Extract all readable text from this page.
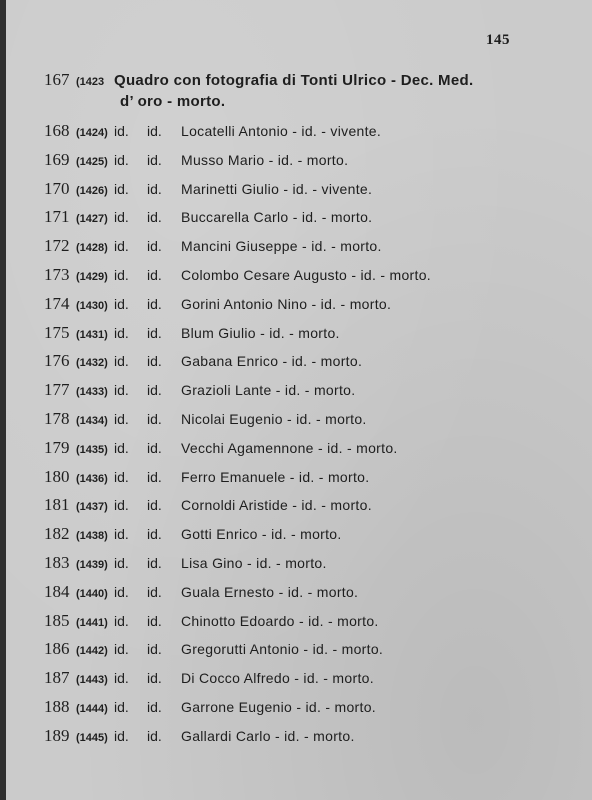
145
167 (1423 Quadro con fotografia di Tonti Ulrico - Dec. Med.
d’ oro - morto.
168 (1424) id.	id.	Locatelli Antonio - id. - vivente.
169 (1425) id.	id.	Musso Mario - id. - morto.
170 (1426) id.	id.	Marinetti Giulio - id. - vivente.
171 (1427) id.	id.	Buccarella Carlo - id. - morto.
172 (1428) id.	id.	Mancini Giuseppe - id. - morto.
173 (1429) id.	id.	Colombo Cesare Augusto - id. - morto.
174 (1430) id.	id.	Gorini Antonio Nino - id. - morto.
175 (1431) id.	id.	Blum Giulio - id. - morto.
176 (1432) id.	id.	Gabana Enrico - id. - morto.
177 (1433) id.	id.	Grazioli Lante - id. - morto.
178 (1434) id.	id.	Nicolai Eugenio - id. - morto.
179 (1435) id.	id.	Vecchi Agamennone - id. - morto.
180 (1436) id.	id.	Ferro Emanuele - id. - morto.
181 (1437) id.	id.	Cornoldi Aristide - id. - morto.
182 (1438) id.	id.	Gotti Enrico - id. - morto.
183 (1439) id.	id.	Lisa Gino - id. - morto.
184 (1440) id.	id.	Guala Ernesto - id. - morto.
185 (1441) id.	id.	Chinotto Edoardo - id. - morto.
186 (1442) id.	id.	Gregorutti Antonio - id. - morto.
187 (1443) id.	id.	Di Cocco Alfredo - id. - morto.
188 (1444) id.	id.	Garrone Eugenio - id. - morto.
189 (1445) id.	id.	Gallardi Carlo - id. - morto.
